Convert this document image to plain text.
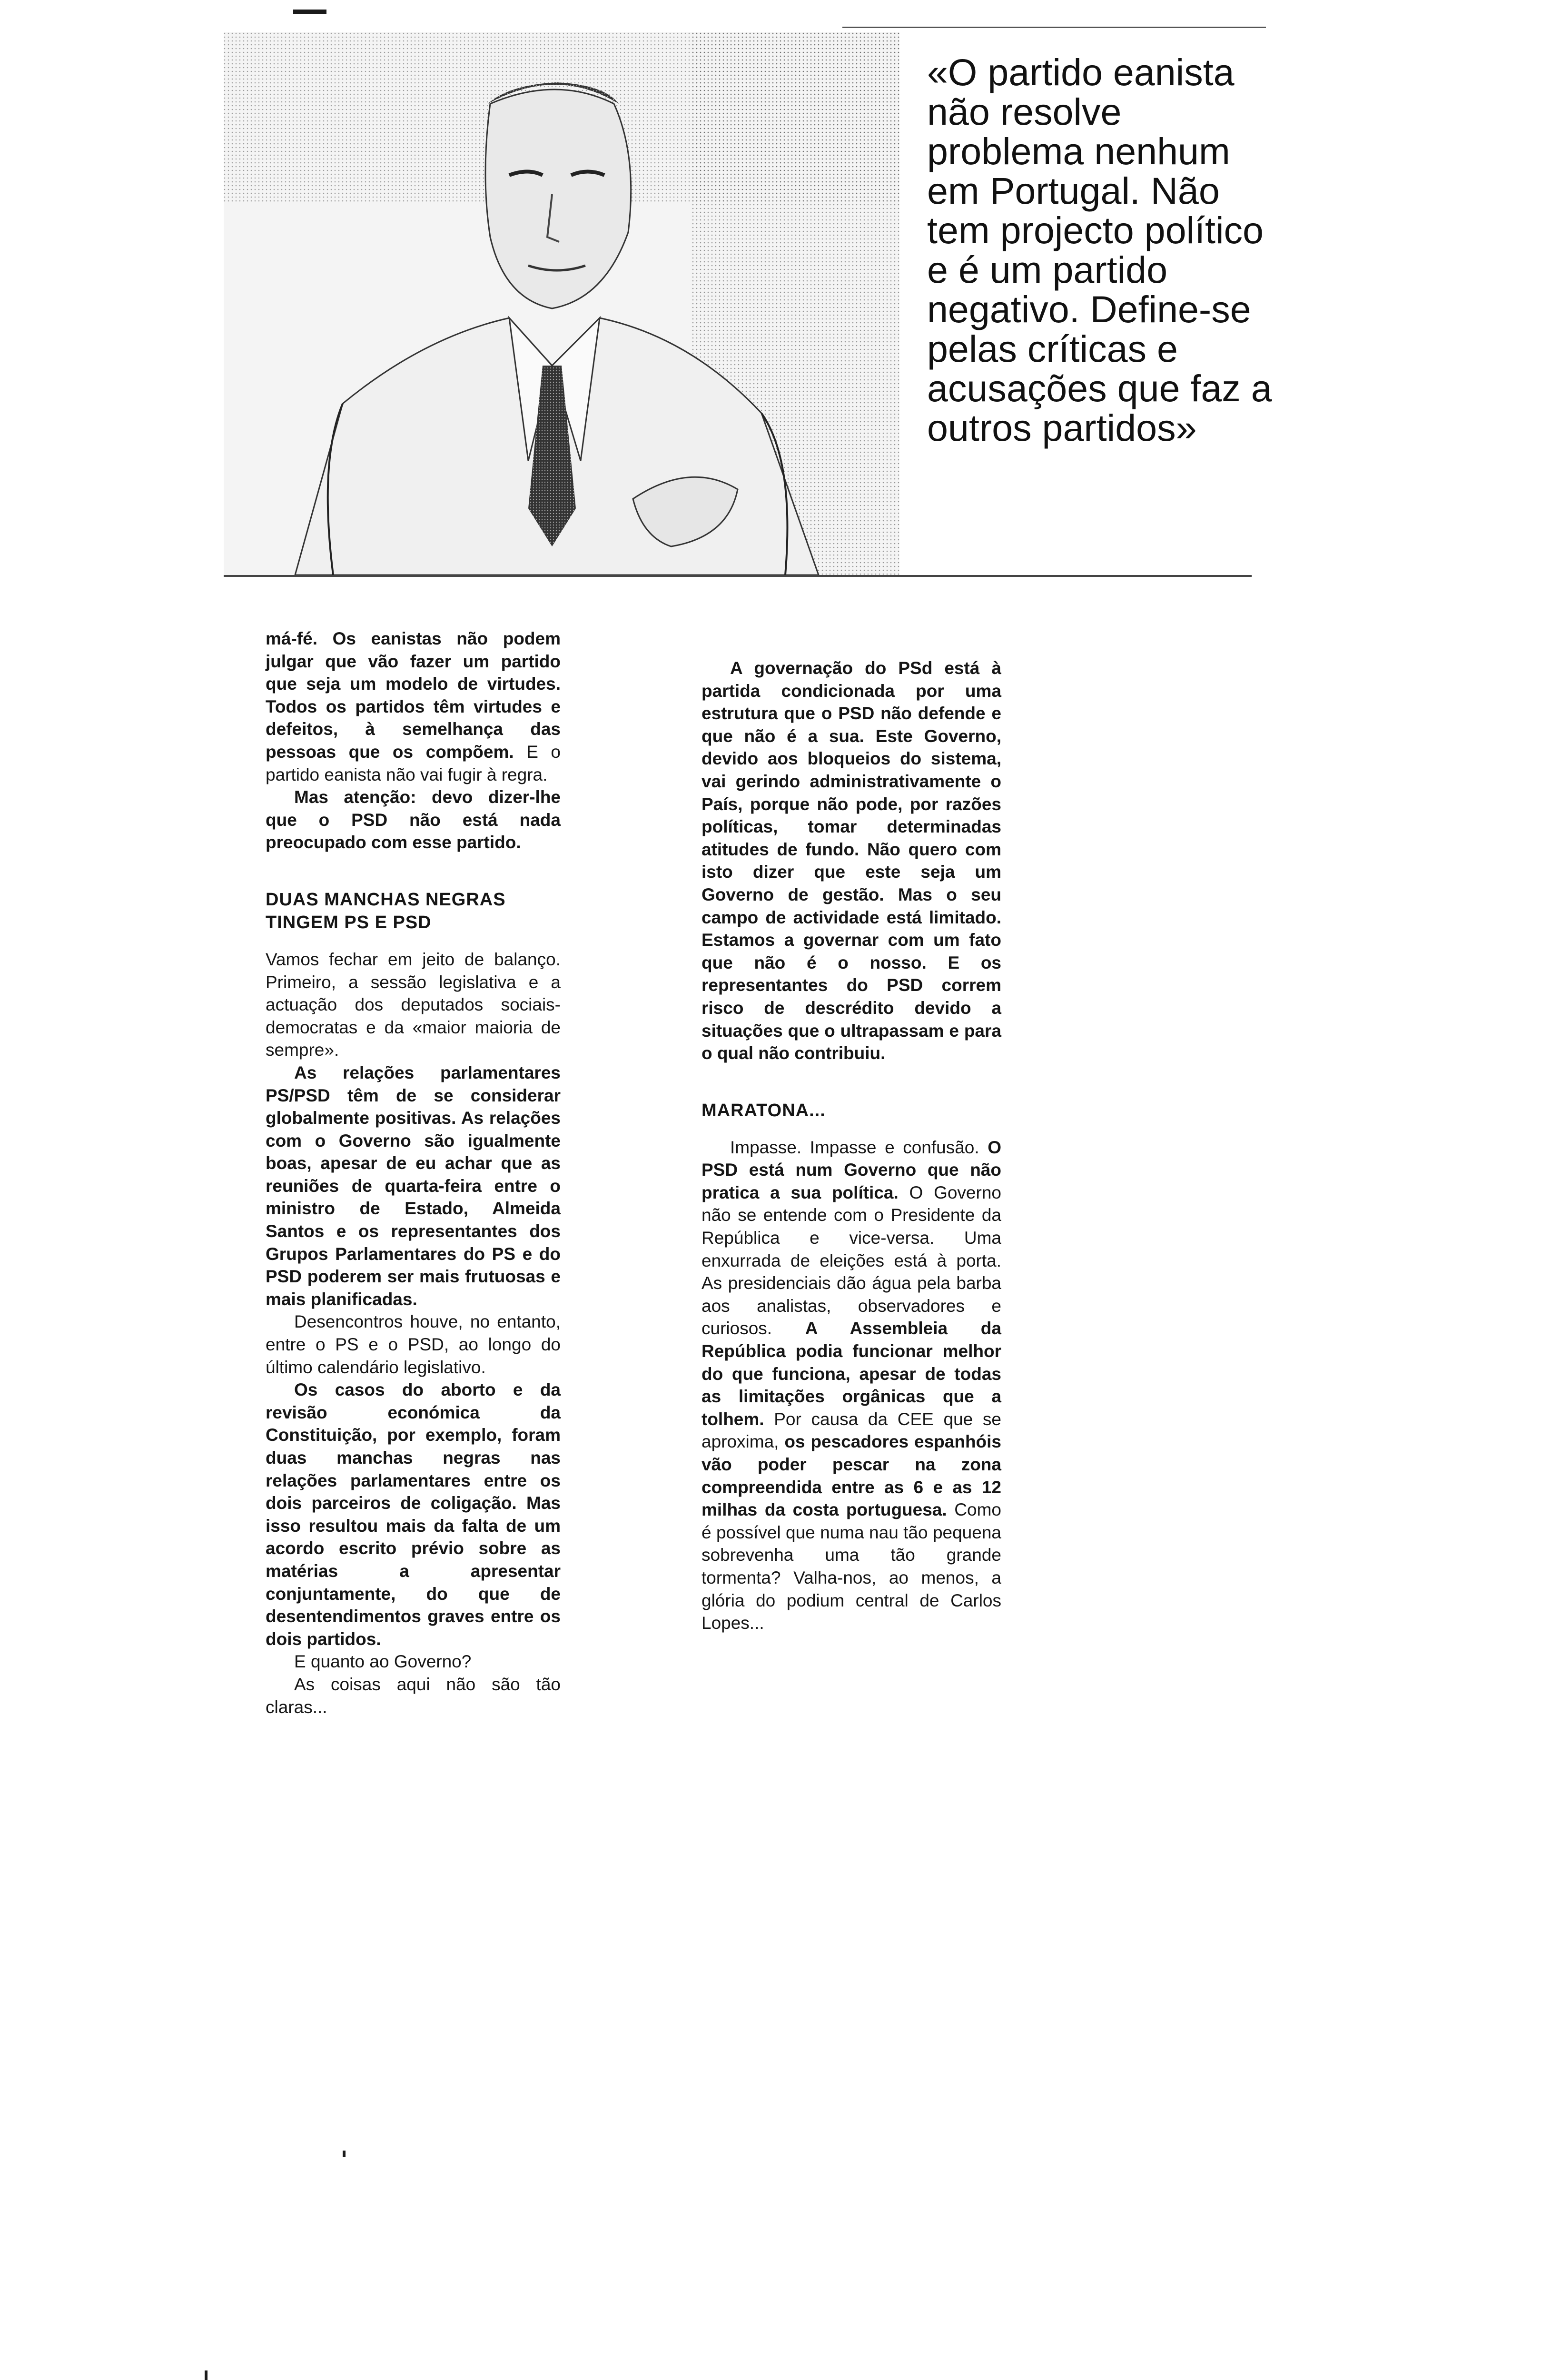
«O partido eanista não resolve problema nenhum em Portugal. Não tem projecto político e é um partido negativo. Define-se pelas críticas e acusações que faz a outros partidos»

má-fé. Os eanistas não podem julgar que vão fazer um partido que seja um modelo de virtudes. Todos os partidos têm virtudes e defeitos, à semelhança das pessoas que os compõem. E o partido eanista não vai fugir à regra.

Mas atenção: devo dizer-lhe que o PSD não está nada preocupado com esse partido.

DUAS MANCHAS NEGRAS TINGEM PS E PSD

Vamos fechar em jeito de balanço. Primeiro, a sessão legislativa e a actuação dos deputados sociais-democratas e da «maior maioria de sempre».

As relações parlamentares PS/PSD têm de se considerar globalmente positivas. As relações com o Governo são igualmente boas, apesar de eu achar que as reuniões de quarta-feira entre o ministro de Estado, Almeida Santos e os representantes dos Grupos Parlamentares do PS e do PSD poderem ser mais frutuosas e mais planificadas.

Desencontros houve, no entanto, entre o PS e o PSD, ao longo do último calendário legislativo.

Os casos do aborto e da revisão económica da Constituição, por exemplo, foram duas manchas negras nas relações parlamentares entre os dois parceiros de coligação. Mas isso resultou mais da falta de um acordo escrito prévio sobre as matérias a apresentar conjuntamente, do que de desentendimentos graves entre os dois partidos.

E quanto ao Governo?

As coisas aqui não são tão claras...

A governação do PSd está à partida condicionada por uma estrutura que o PSD não defende e que não é a sua. Este Governo, devido aos bloqueios do sistema, vai gerindo administrativamente o País, porque não pode, por razões políticas, tomar determinadas atitudes de fundo. Não quero com isto dizer que este seja um Governo de gestão. Mas o seu campo de actividade está limitado. Estamos a governar com um fato que não é o nosso. E os representantes do PSD correm risco de descrédito devido a situações que o ultrapassam e para o qual não contribuiu.

MARATONA...

Impasse. Impasse e confusão. O PSD está num Governo que não pratica a sua política. O Governo não se entende com o Presidente da República e vice-versa. Uma enxurrada de eleições está à porta. As presidenciais dão água pela barba aos analistas, observadores e curiosos. A Assembleia da República podia funcionar melhor do que funciona, apesar de todas as limitações orgânicas que a tolhem. Por causa da CEE que se aproxima, os pescadores espanhóis vão poder pescar na zona compreendida entre as 6 e as 12 milhas da costa portuguesa. Como é possível que numa nau tão pequena sobrevenha uma tão grande tormenta? Valha-nos, ao menos, a glória do podium central de Carlos Lopes...
